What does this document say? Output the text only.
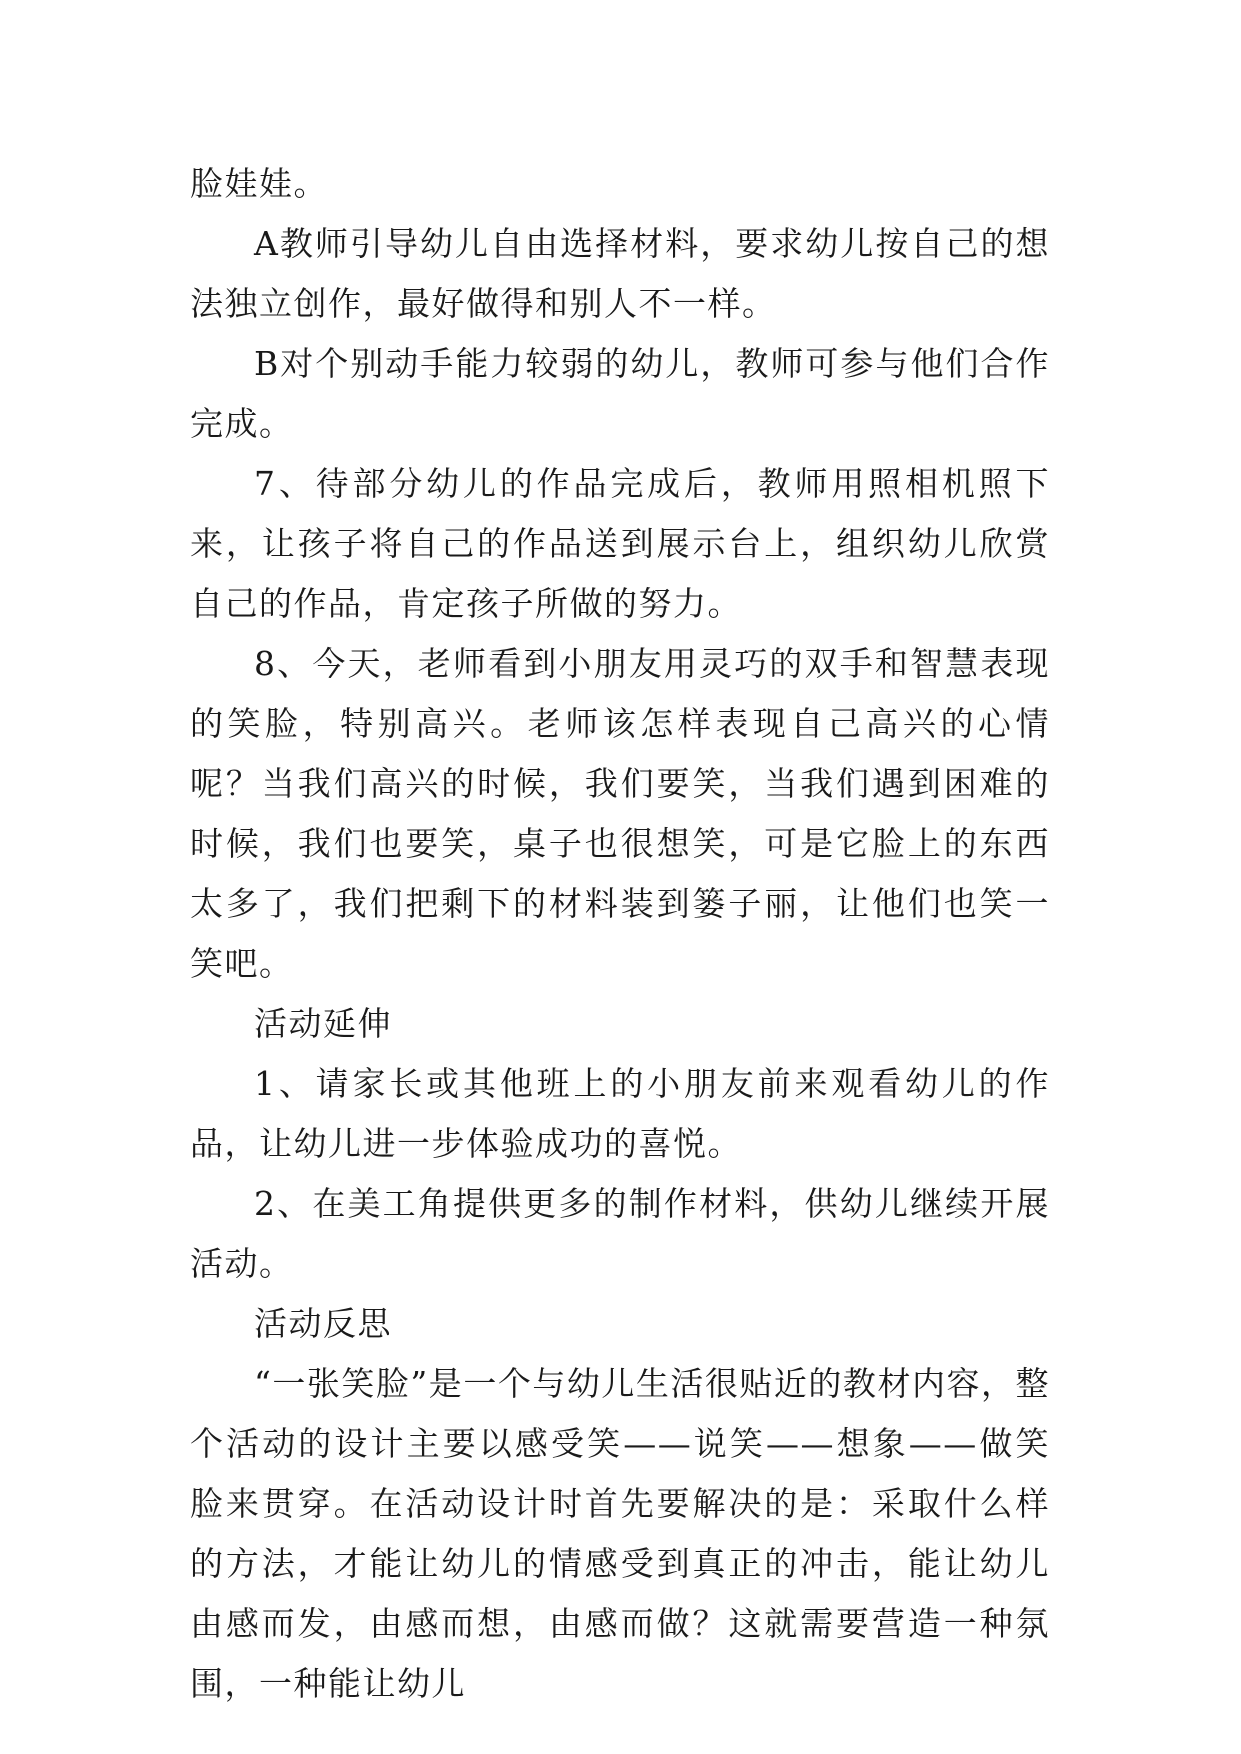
脸娃娃。

A教师引导幼儿自由选择材料，要求幼儿按自己的想法独立创作，最好做得和别人不一样。

B对个别动手能力较弱的幼儿，教师可参与他们合作完成。

7、待部分幼儿的作品完成后，教师用照相机照下来，让孩子将自己的作品送到展示台上，组织幼儿欣赏自己的作品，肯定孩子所做的努力。

8、今天，老师看到小朋友用灵巧的双手和智慧表现的笑脸，特别高兴。老师该怎样表现自己高兴的心情呢？当我们高兴的时候，我们要笑，当我们遇到困难的时候，我们也要笑，桌子也很想笑，可是它脸上的东西太多了，我们把剩下的材料装到篓子丽，让他们也笑一笑吧。

活动延伸

1、请家长或其他班上的小朋友前来观看幼儿的作品，让幼儿进一步体验成功的喜悦。

2、在美工角提供更多的制作材料，供幼儿继续开展活动。

活动反思

“一张笑脸”是一个与幼儿生活很贴近的教材内容，整个活动的设计主要以感受笑——说笑——想象——做笑脸来贯穿。在活动设计时首先要解决的是：采取什么样的方法，才能让幼儿的情感受到真正的冲击，能让幼儿由感而发，由感而想，由感而做？这就需要营造一种氛围，一种能让幼儿
